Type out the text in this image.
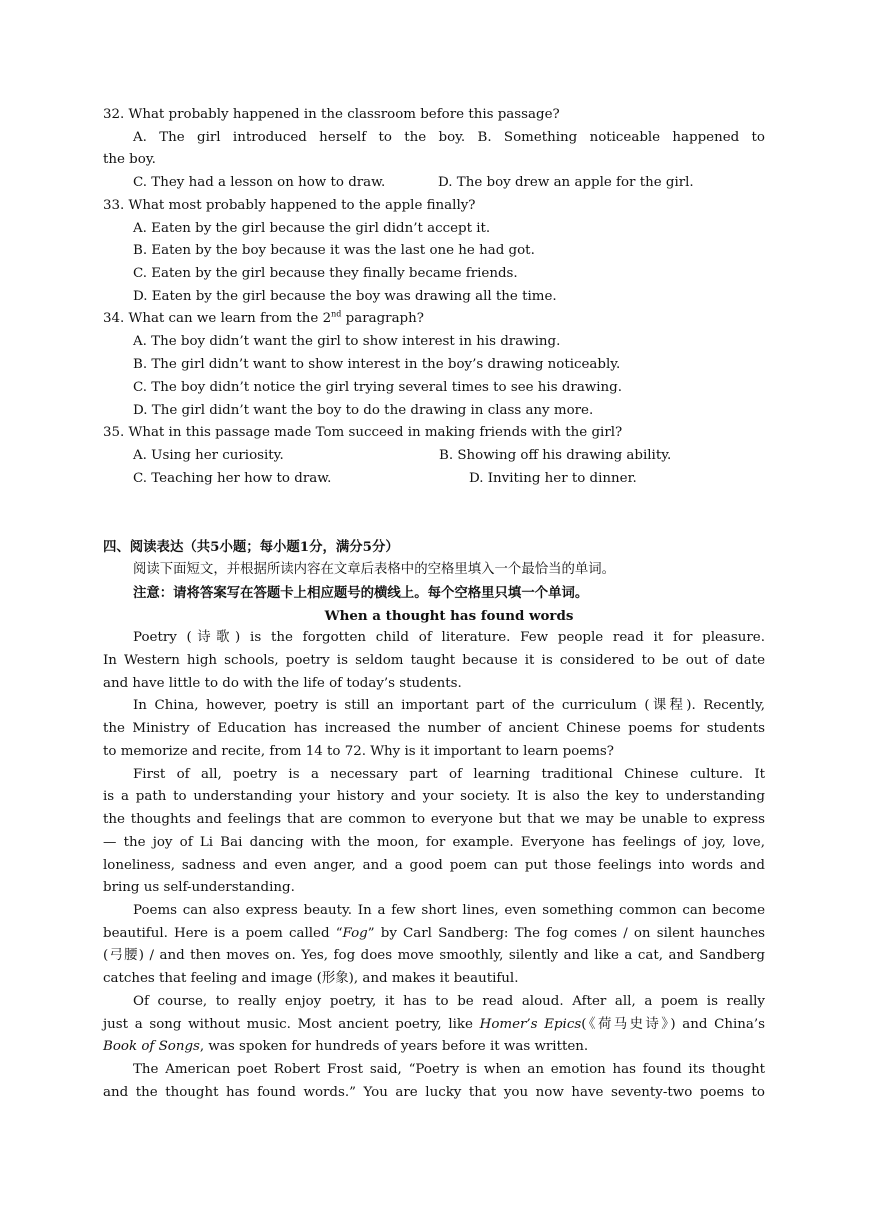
32. What probably happened in the classroom before this passage?
A. The girl introduced herself to the boy. B. Something noticeable happened to
the boy.
C. They had a lesson on how to draw.	D. The boy drew an apple for the girl.
33. What most probably happened to the apple finally?
A. Eaten by the girl because the girl didn’t accept it.
B. Eaten by the boy because it was the last one he had got.
C. Eaten by the girl because they finally became friends.
D. Eaten by the girl because the boy was drawing all the time.
34. What can we learn from the 2nd paragraph?
A. The boy didn’t want the girl to show interest in his drawing.
B. The girl didn’t want to show interest in the boy’s drawing noticeably.
C. The boy didn’t notice the girl trying several times to see his drawing.
D. The girl didn’t want the boy to do the drawing in class any more.
35. What in this passage made Tom succeed in making friends with the girl?
A. Using her curiosity.	B. Showing off his drawing ability.
C. Teaching her how to draw.	D. Inviting her to dinner.
四、阅读表达（共5小题；每小题1分，满分5分）
阅读下面短文，并根据所读内容在文章后表格中的空格里填入一个最恰当的单词。
注意：请将答案写在答题卡上相应题号的横线上。每个空格里只填一个单词。
When a thought has found words
Poetry (诗歌) is the forgotten child of literature. Few people read it for pleasure.
In Western high schools, poetry is seldom taught because it is considered to be out of date
and have little to do with the life of today’s students.
In China, however, poetry is still an important part of the curriculum (课程). Recently,
the Ministry of Education has increased the number of ancient Chinese poems for students
to memorize and recite, from 14 to 72. Why is it important to learn poems?
First of all, poetry is a necessary part of learning traditional Chinese culture. It
is a path to understanding your history and your society. It is also the key to understanding
the thoughts and feelings that are common to everyone but that we may be unable to express
— the joy of Li Bai dancing with the moon, for example. Everyone has feelings of joy, love,
loneliness, sadness and even anger, and a good poem can put those feelings into words and
bring us self-understanding.
Poems can also express beauty. In a few short lines, even something common can become
beautiful. Here is a poem called “Fog” by Carl Sandberg: The fog comes / on silent haunches
(弓腰) / and then moves on. Yes, fog does move smoothly, silently and like a cat, and Sandberg
catches that feeling and image (形象), and makes it beautiful.
Of course, to really enjoy poetry, it has to be read aloud. After all, a poem is really
just a song without music. Most ancient poetry, like Homer’s Epics(《荷马史诗》) and China’s
Book of Songs, was spoken for hundreds of years before it was written.
The American poet Robert Frost said, “Poetry is when an emotion has found its thought
and the thought has found words.” You are lucky that you now have seventy-two poems to
